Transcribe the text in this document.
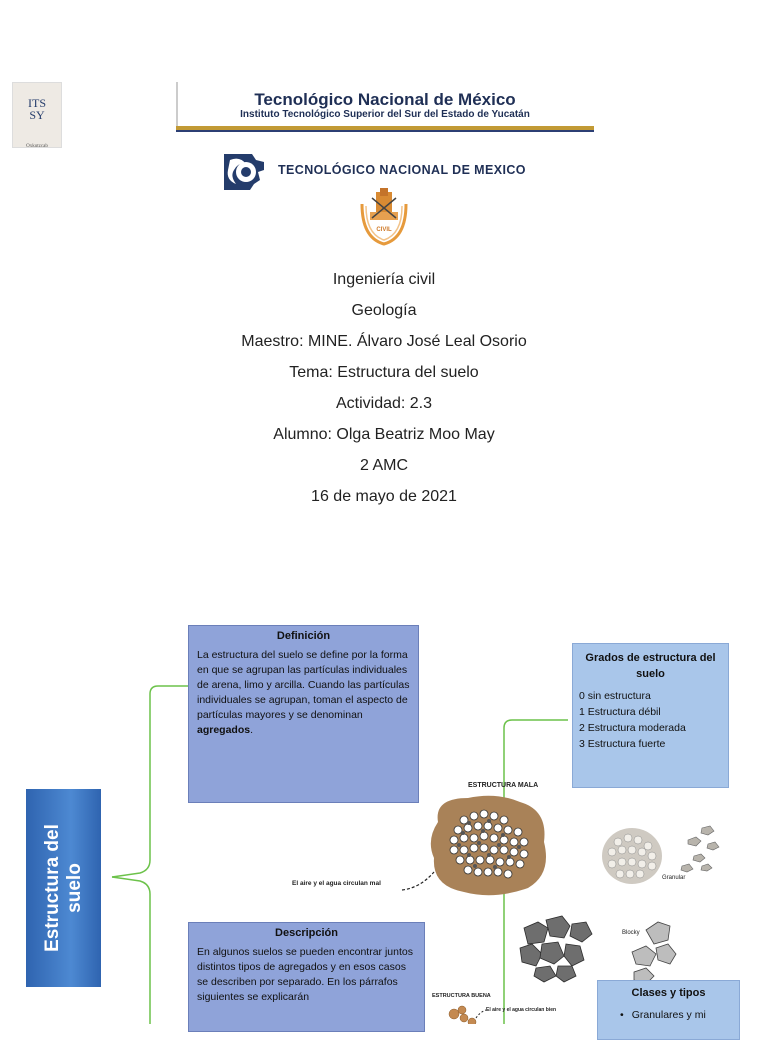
ITS
SY
Oxkutzcab
Tecnológico Nacional de México
Instituto Tecnológico Superior del Sur del Estado de Yucatán
TECNOLÓGICO NACIONAL DE MEXICO
CIVIL
Ingeniería civil
Geología
Maestro: MINE. Álvaro José Leal Osorio
Tema: Estructura del suelo
Actividad: 2.3
Alumno: Olga Beatriz Moo May
2 AMC
16 de mayo de 2021
Estructura del suelo
Definición
La estructura del suelo se define por la forma en que se agrupan las partículas individuales de arena, limo y arcilla. Cuando las partículas individuales se agrupan, toman el aspecto de partículas mayores y se denominan agregados.
Grados de estructura del suelo
0 sin estructura
1 Estructura débil
2 Estructura moderada
3 Estructura fuerte
ESTRUCTURA MALA
El aire y el agua circulan mal
Granular
Blocky
ESTRUCTURA BUENA
El aire y el agua circulan bien
Descripción
En algunos suelos se pueden encontrar juntos distintos tipos de agregados y en esos casos se describen por separado. En los párrafos siguientes se explicarán	Clases y tipos
• Granulares y mi
